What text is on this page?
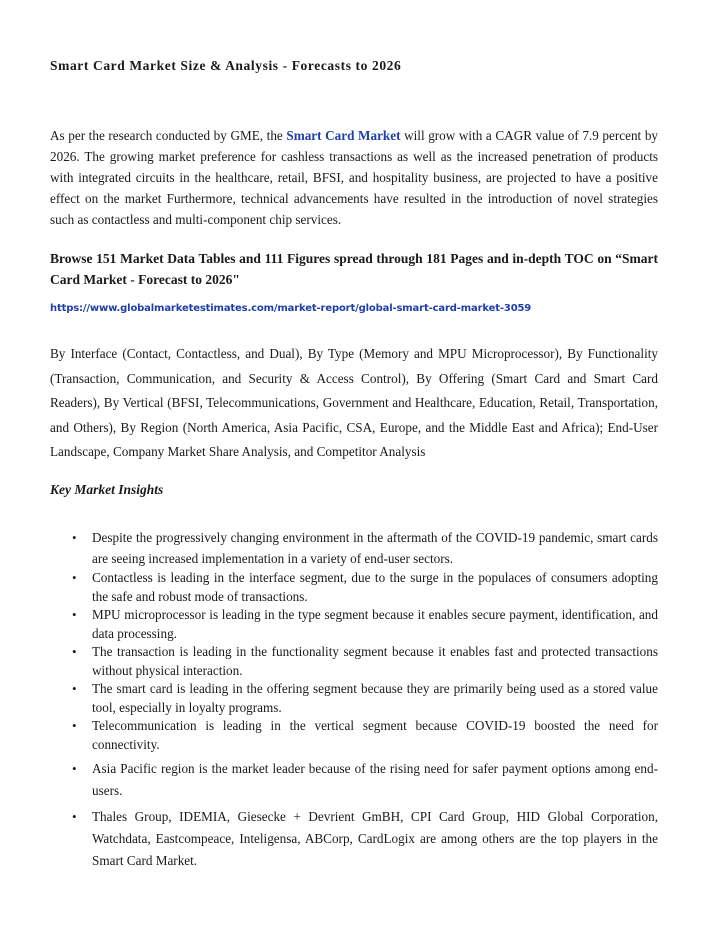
Smart Card Market Size & Analysis - Forecasts to 2026

As per the research conducted by GME, the Smart Card Market will grow with a CAGR value of 7.9 percent by 2026. The growing market preference for cashless transactions as well as the increased penetration of products with integrated circuits in the healthcare, retail, BFSI, and hospitality business, are projected to have a positive effect on the market Furthermore, technical advancements have resulted in the introduction of novel strategies such as contactless and multi-component chip services.

Browse 151 Market Data Tables and 111 Figures spread through 181 Pages and in-depth TOC on “Smart Card Market - Forecast to 2026"

https://www.globalmarketestimates.com/market-report/global-smart-card-market-3059

By Interface (Contact, Contactless, and Dual), By Type (Memory and MPU Microprocessor), By Functionality (Transaction, Communication, and Security & Access Control), By Offering (Smart Card and Smart Card Readers), By Vertical (BFSI, Telecommunications, Government and Healthcare, Education, Retail, Transportation, and Others), By Region (North America, Asia Pacific, CSA, Europe, and the Middle East and Africa); End-User Landscape, Company Market Share Analysis, and Competitor Analysis

Key Market Insights
• Despite the progressively changing environment in the aftermath of the COVID-19 pandemic, smart cards are seeing increased implementation in a variety of end-user sectors.
• Contactless is leading in the interface segment, due to the surge in the populaces of consumers adopting the safe and robust mode of transactions.
• MPU microprocessor is leading in the type segment because it enables secure payment, identification, and data processing.
• The transaction is leading in the functionality segment because it enables fast and protected transactions without physical interaction.
• The smart card is leading in the offering segment because they are primarily being used as a stored value tool, especially in loyalty programs.
• Telecommunication is leading in the vertical segment because COVID-19 boosted the need for connectivity.
• Asia Pacific region is the market leader because of the rising need for safer payment options among end-users.
• Thales Group, IDEMIA, Giesecke + Devrient GmBH, CPI Card Group, HID Global Corporation, Watchdata, Eastcompeace, Inteligensa, ABCorp, CardLogix are among others are the top players in the Smart Card Market.
